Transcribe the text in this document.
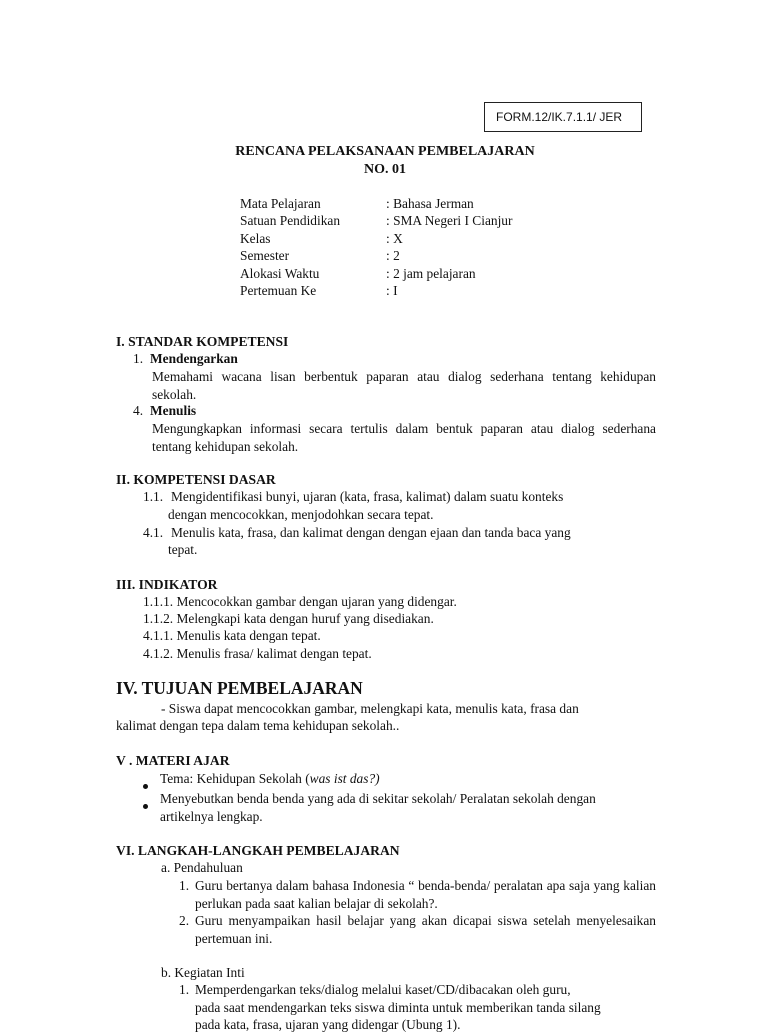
FORM.12/IK.7.1.1/ JER
RENCANA PELAKSANAAN PEMBELAJARAN
NO. 01
Mata Pelajaran	: Bahasa Jerman
Satuan Pendidikan	: SMA Negeri I Cianjur
Kelas	: X
Semester	: 2
Alokasi Waktu	: 2 jam pelajaran
Pertemuan Ke	: I
I. STANDAR KOMPETENSI
1. Mendengarkan
Memahami wacana lisan berbentuk paparan atau dialog sederhana tentang kehidupan sekolah.
4. Menulis
Mengungkapkan informasi secara tertulis dalam bentuk paparan atau dialog sederhana tentang kehidupan sekolah.
II. KOMPETENSI DASAR
1.1. Mengidentifikasi bunyi, ujaran (kata, frasa, kalimat) dalam suatu konteks
dengan mencocokkan, menjodohkan secara tepat.
4.1. Menulis kata, frasa, dan kalimat dengan dengan ejaan dan tanda baca yang
tepat.
III. INDIKATOR
1.1.1. Mencocokkan gambar dengan ujaran yang didengar.
1.1.2. Melengkapi kata dengan huruf yang disediakan.
4.1.1. Menulis kata dengan tepat.
4.1.2. Menulis frasa/ kalimat dengan tepat.
IV. TUJUAN PEMBELAJARAN
- Siswa dapat mencocokkan gambar, melengkapi kata, menulis kata, frasa dan
kalimat dengan tepa dalam tema kehidupan sekolah..
V . MATERI AJAR
Tema: Kehidupan Sekolah (was ist das?)
Menyebutkan benda benda yang ada di sekitar sekolah/ Peralatan sekolah dengan
artikelnya lengkap.
VI. LANGKAH-LANGKAH PEMBELAJARAN
a. Pendahuluan
1. Guru bertanya dalam bahasa Indonesia “ benda-benda/ peralatan apa saja yang kalian perlukan pada saat kalian belajar di sekolah?.
2. Guru menyampaikan hasil belajar yang akan dicapai siswa setelah menyelesaikan pertemuan ini.
b. Kegiatan Inti
1. Memperdengarkan teks/dialog melalui kaset/CD/dibacakan oleh guru,
pada saat mendengarkan teks siswa diminta untuk memberikan tanda silang
pada kata, frasa, ujaran yang didengar (Ubung 1).
